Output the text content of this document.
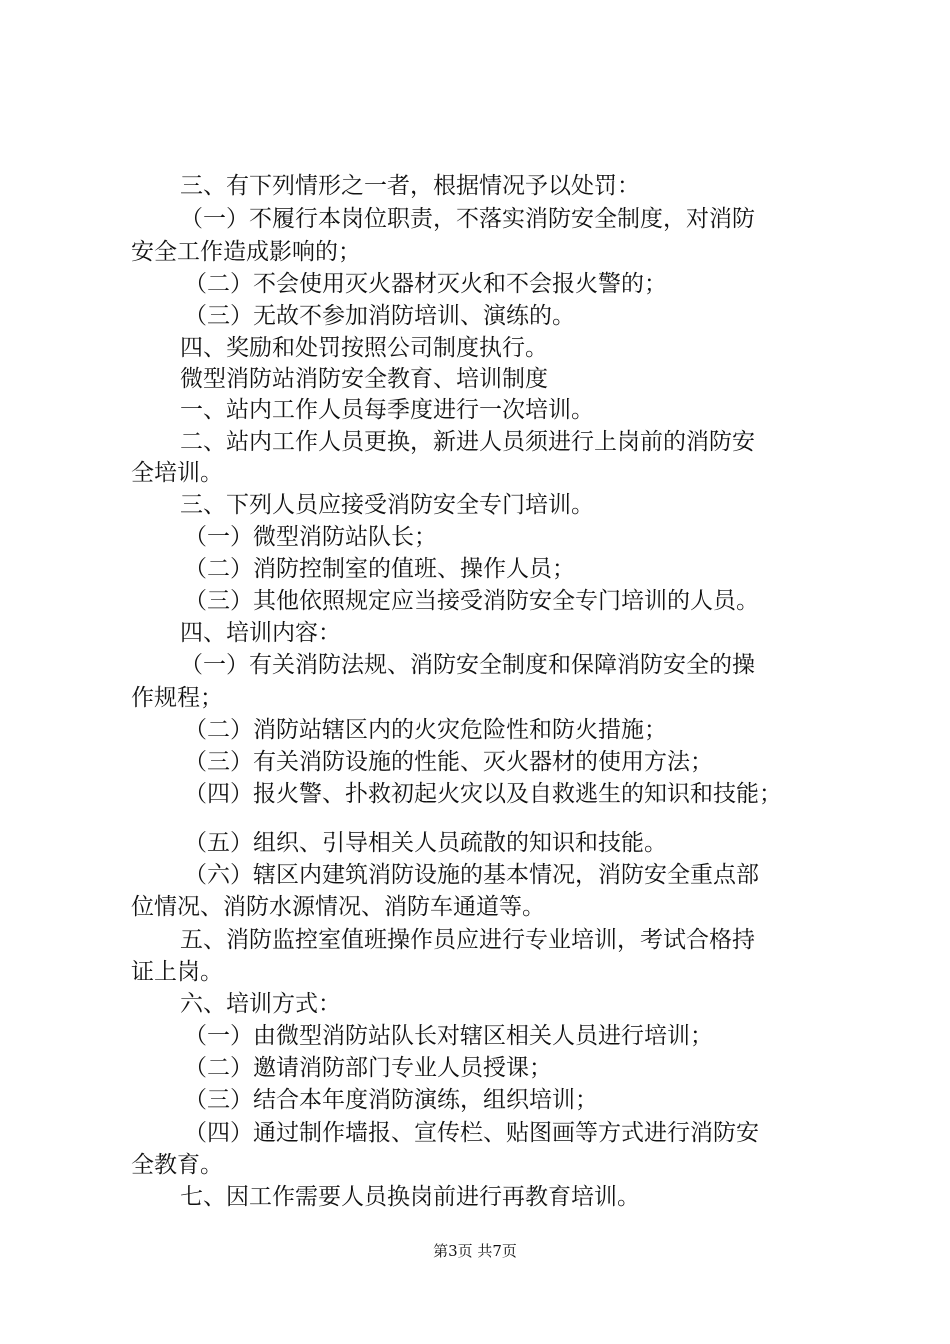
三、有下列情形之一者，根据情况予以处罚：
（一）不履行本岗位职责，不落实消防安全制度，对消防
安全工作造成影响的；
（二）不会使用灭火器材灭火和不会报火警的；
（三）无故不参加消防培训、演练的。
四、奖励和处罚按照公司制度执行。
微型消防站消防安全教育、培训制度
一、站内工作人员每季度进行一次培训。
二、站内工作人员更换，新进人员须进行上岗前的消防安
全培训。
三、下列人员应接受消防安全专门培训。
（一）微型消防站队长；
（二）消防控制室的值班、操作人员；
（三）其他依照规定应当接受消防安全专门培训的人员。
四、培训内容：
（一）有关消防法规、消防安全制度和保障消防安全的操
作规程；
（二）消防站辖区内的火灾危险性和防火措施；
（三）有关消防设施的性能、灭火器材的使用方法；
（四）报火警、扑救初起火灾以及自救逃生的知识和技能；
（五）组织、引导相关人员疏散的知识和技能。
（六）辖区内建筑消防设施的基本情况，消防安全重点部
位情况、消防水源情况、消防车通道等。
五、消防监控室值班操作员应进行专业培训，考试合格持
证上岗。
六、培训方式：
（一）由微型消防站队长对辖区相关人员进行培训；
（二）邀请消防部门专业人员授课；
（三）结合本年度消防演练，组织培训；
（四）通过制作墙报、宣传栏、贴图画等方式进行消防安
全教育。
七、因工作需要人员换岗前进行再教育培训。
第3页 共7页
